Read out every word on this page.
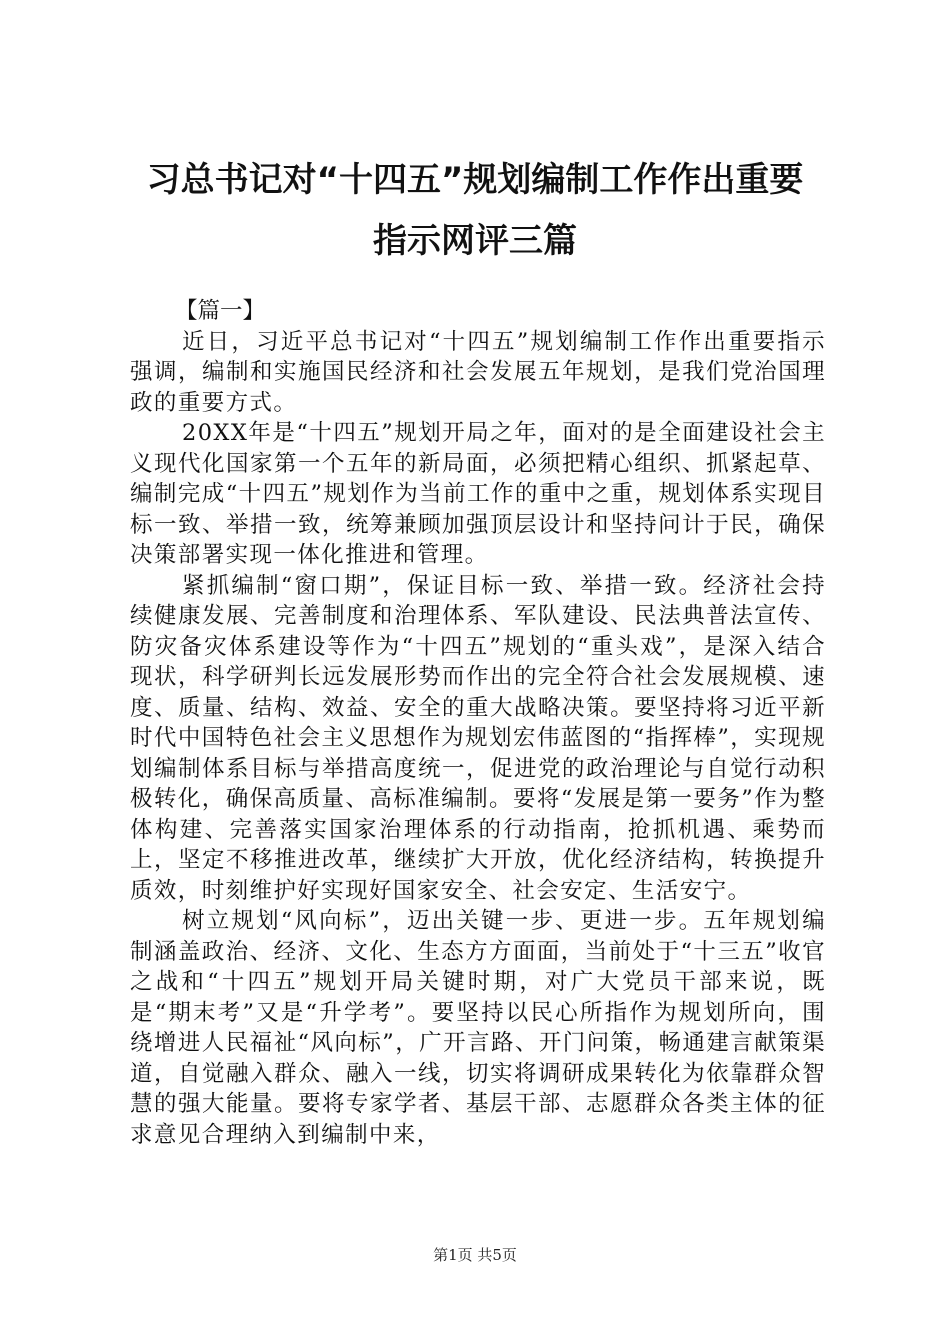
习总书记对“十四五”规划编制工作作出重要
指示网评三篇

【篇一】

近日，习近平总书记对“十四五”规划编制工作作出重要指示强调，编制和实施国民经济和社会发展五年规划，是我们党治国理政的重要方式。

20XX年是“十四五”规划开局之年，面对的是全面建设社会主义现代化国家第一个五年的新局面，必须把精心组织、抓紧起草、编制完成“十四五”规划作为当前工作的重中之重，规划体系实现目标一致、举措一致，统筹兼顾加强顶层设计和坚持问计于民，确保决策部署实现一体化推进和管理。

紧抓编制“窗口期”，保证目标一致、举措一致。经济社会持续健康发展、完善制度和治理体系、军队建设、民法典普法宣传、防灾备灾体系建设等作为“十四五”规划的“重头戏”，是深入结合现状，科学研判长远发展形势而作出的完全符合社会发展规模、速度、质量、结构、效益、安全的重大战略决策。要坚持将习近平新时代中国特色社会主义思想作为规划宏伟蓝图的“指挥棒”，实现规划编制体系目标与举措高度统一，促进党的政治理论与自觉行动积极转化，确保高质量、高标准编制。要将“发展是第一要务”作为整体构建、完善落实国家治理体系的行动指南，抢抓机遇、乘势而上，坚定不移推进改革，继续扩大开放，优化经济结构，转换提升质效，时刻维护好实现好国家安全、社会安定、生活安宁。

树立规划“风向标”，迈出关键一步、更进一步。五年规划编制涵盖政治、经济、文化、生态方方面面，当前处于“十三五”收官之战和“十四五”规划开局关键时期，对广大党员干部来说，既是“期末考”又是“升学考”。要坚持以民心所指作为规划所向，围绕增进人民福祉“风向标”，广开言路、开门问策，畅通建言献策渠道，自觉融入群众、融入一线，切实将调研成果转化为依靠群众智慧的强大能量。要将专家学者、基层干部、志愿群众各类主体的征求意见合理纳入到编制中来，

第1页 共5页
